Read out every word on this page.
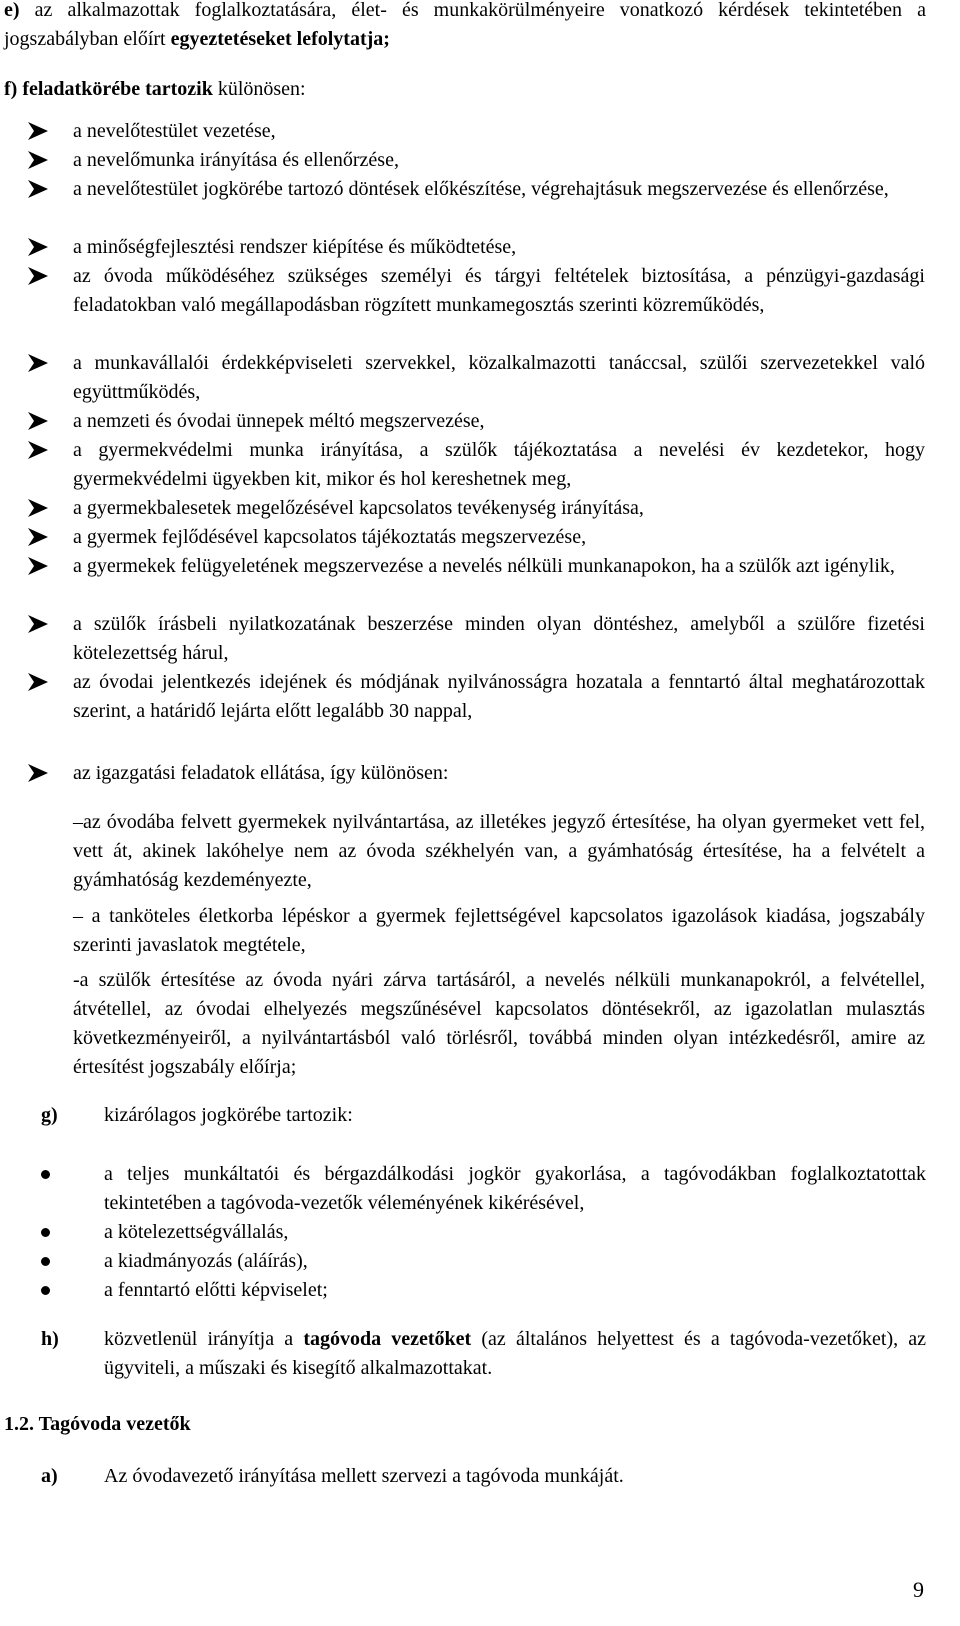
e) az alkalmazottak foglalkoztatására, élet- és munkakörülményeire vonatkozó kérdések tekintetében a jogszabályban előírt egyeztetéseket lefolytatja;

f) feladatkörébe tartozik különösen:

a nevelőtestület vezetése,

a nevelőmunka irányítása és ellenőrzése,

a nevelőtestület jogkörébe tartozó döntések előkészítése, végrehajtásuk megszervezése és ellenőrzése,

a minőségfejlesztési rendszer kiépítése és működtetése,

az óvoda működéséhez szükséges személyi és tárgyi feltételek biztosítása, a pénzügyi-gazdasági feladatokban való megállapodásban rögzített munkamegosztás szerinti közreműködés,

a munkavállalói érdekképviseleti szervekkel, közalkalmazotti tanáccsal, szülői szervezetekkel való együttműködés,

a nemzeti és óvodai ünnepek méltó megszervezése,

a gyermekvédelmi munka irányítása, a szülők tájékoztatása a nevelési év kezdetekor, hogy gyermekvédelmi ügyekben kit, mikor és hol kereshetnek meg,

a gyermekbalesetek megelőzésével kapcsolatos tevékenység irányítása,

a gyermek fejlődésével kapcsolatos tájékoztatás megszervezése,

a gyermekek felügyeletének megszervezése a nevelés nélküli munkanapokon, ha a szülők azt igénylik,

a szülők írásbeli nyilatkozatának beszerzése minden olyan döntéshez, amelyből a szülőre fizetési kötelezettség hárul,

az óvodai jelentkezés idejének és módjának nyilvánosságra hozatala a fenntartó által meghatározottak szerint, a határidő lejárta előtt legalább 30 nappal,

az igazgatási feladatok ellátása, így különösen:

–az óvodába felvett gyermekek nyilvántartása, az illetékes jegyző értesítése, ha olyan gyermeket vett fel, vett át, akinek lakóhelye nem az óvoda székhelyén van, a gyámhatóság értesítése, ha a felvételt a gyámhatóság kezdeményezte,

– a tanköteles életkorba lépéskor a gyermek fejlettségével kapcsolatos igazolások kiadása, jogszabály szerinti javaslatok megtétele,

-a szülők értesítése az óvoda nyári zárva tartásáról, a nevelés nélküli munkanapokról, a felvétellel, átvétellel, az óvodai elhelyezés megszűnésével kapcsolatos döntésekről, az igazolatlan mulasztás következményeiről, a nyilvántartásból való törlésről, továbbá minden olyan intézkedésről, amire az értesítést jogszabály előírja;

g) kizárólagos jogkörébe tartozik:

a teljes munkáltatói és bérgazdálkodási jogkör gyakorlása, a tagóvodákban foglalkoztatottak tekintetében a tagóvoda-vezetők véleményének kikérésével,

a kötelezettségvállalás,

a kiadmányozás (aláírás),

a fenntartó előtti képviselet;

h) közvetlenül irányítja a tagóvoda vezetőket (az általános helyettest és a tagóvoda-vezetőket), az ügyviteli, a műszaki és kisegítő alkalmazottakat.

1.2. Tagóvoda vezetők

a) Az óvodavezető irányítása mellett szervezi a tagóvoda munkáját.

9
